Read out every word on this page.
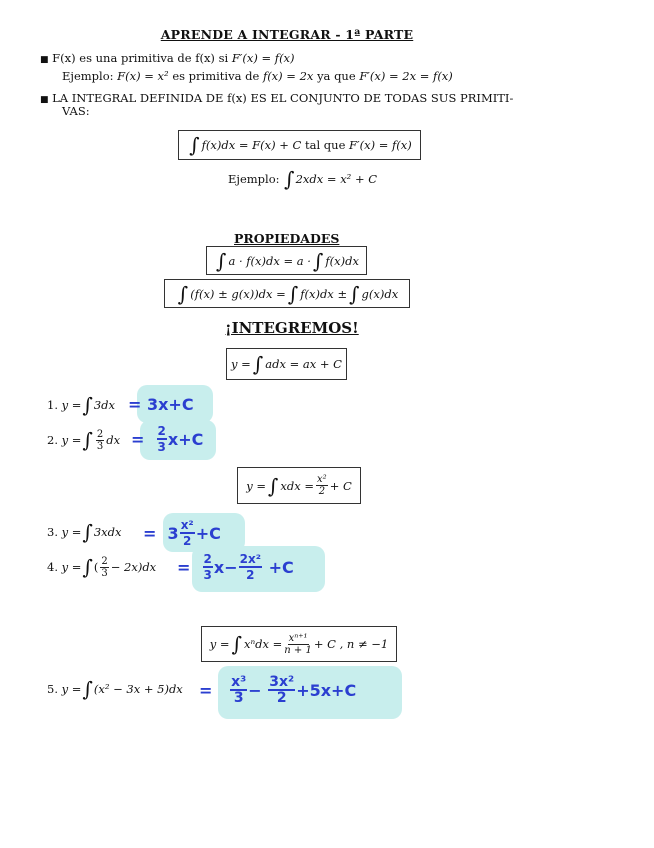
APRENDE A INTEGRAR - 1ª PARTE
■ F(x) es una primitiva de f(x) si F′(x) = f(x)
Ejemplo: F(x) = x² es primitiva de f(x) = 2x ya que F′(x) = 2x = f(x)
■ LA INTEGRAL DEFINIDA DE f(x) ES EL CONJUNTO DE TODAS SUS PRIMITI-
VAS:
∫ f(x)dx = F(x) + C
tal que
F′(x) = f(x)
Ejemplo:
∫ 2xdx = x² + C
PROPIEDADES
∫ a · f(x)dx = a · ∫ f(x)dx
∫ (f(x) ± g(x))dx = ∫ f(x)dx ± ∫ g(x)dx
¡INTEGREMOS!
y = ∫ adx = ax + C
1.
y = ∫ 3dx = 3x+C
2.
y = ∫ $\frac{2}{3}$ dx =
$\frac{2}{3} x+C$
y = ∫ xdx = $\frac{\text{x²}}{2} + C$
3.
y = ∫ 3xdx =
$3 \frac{\text{x²}}{2} +C$
4.
y = ∫ ( $\frac{2}{3} - 2x)dx$ =
$\frac{2}{3} x- \frac{\text{2x²}}{2}$
+C
y = ∫ $x^ndx = \frac{\text{xⁿ⁺¹}}{n + 1} + C$ , n ≠ −1
5.
y = ∫ (x² − 3x + 5)dx =
$\frac{\text{x³}}{3}$ −
$\frac{\text{3x²}}{2} +5x+C$
